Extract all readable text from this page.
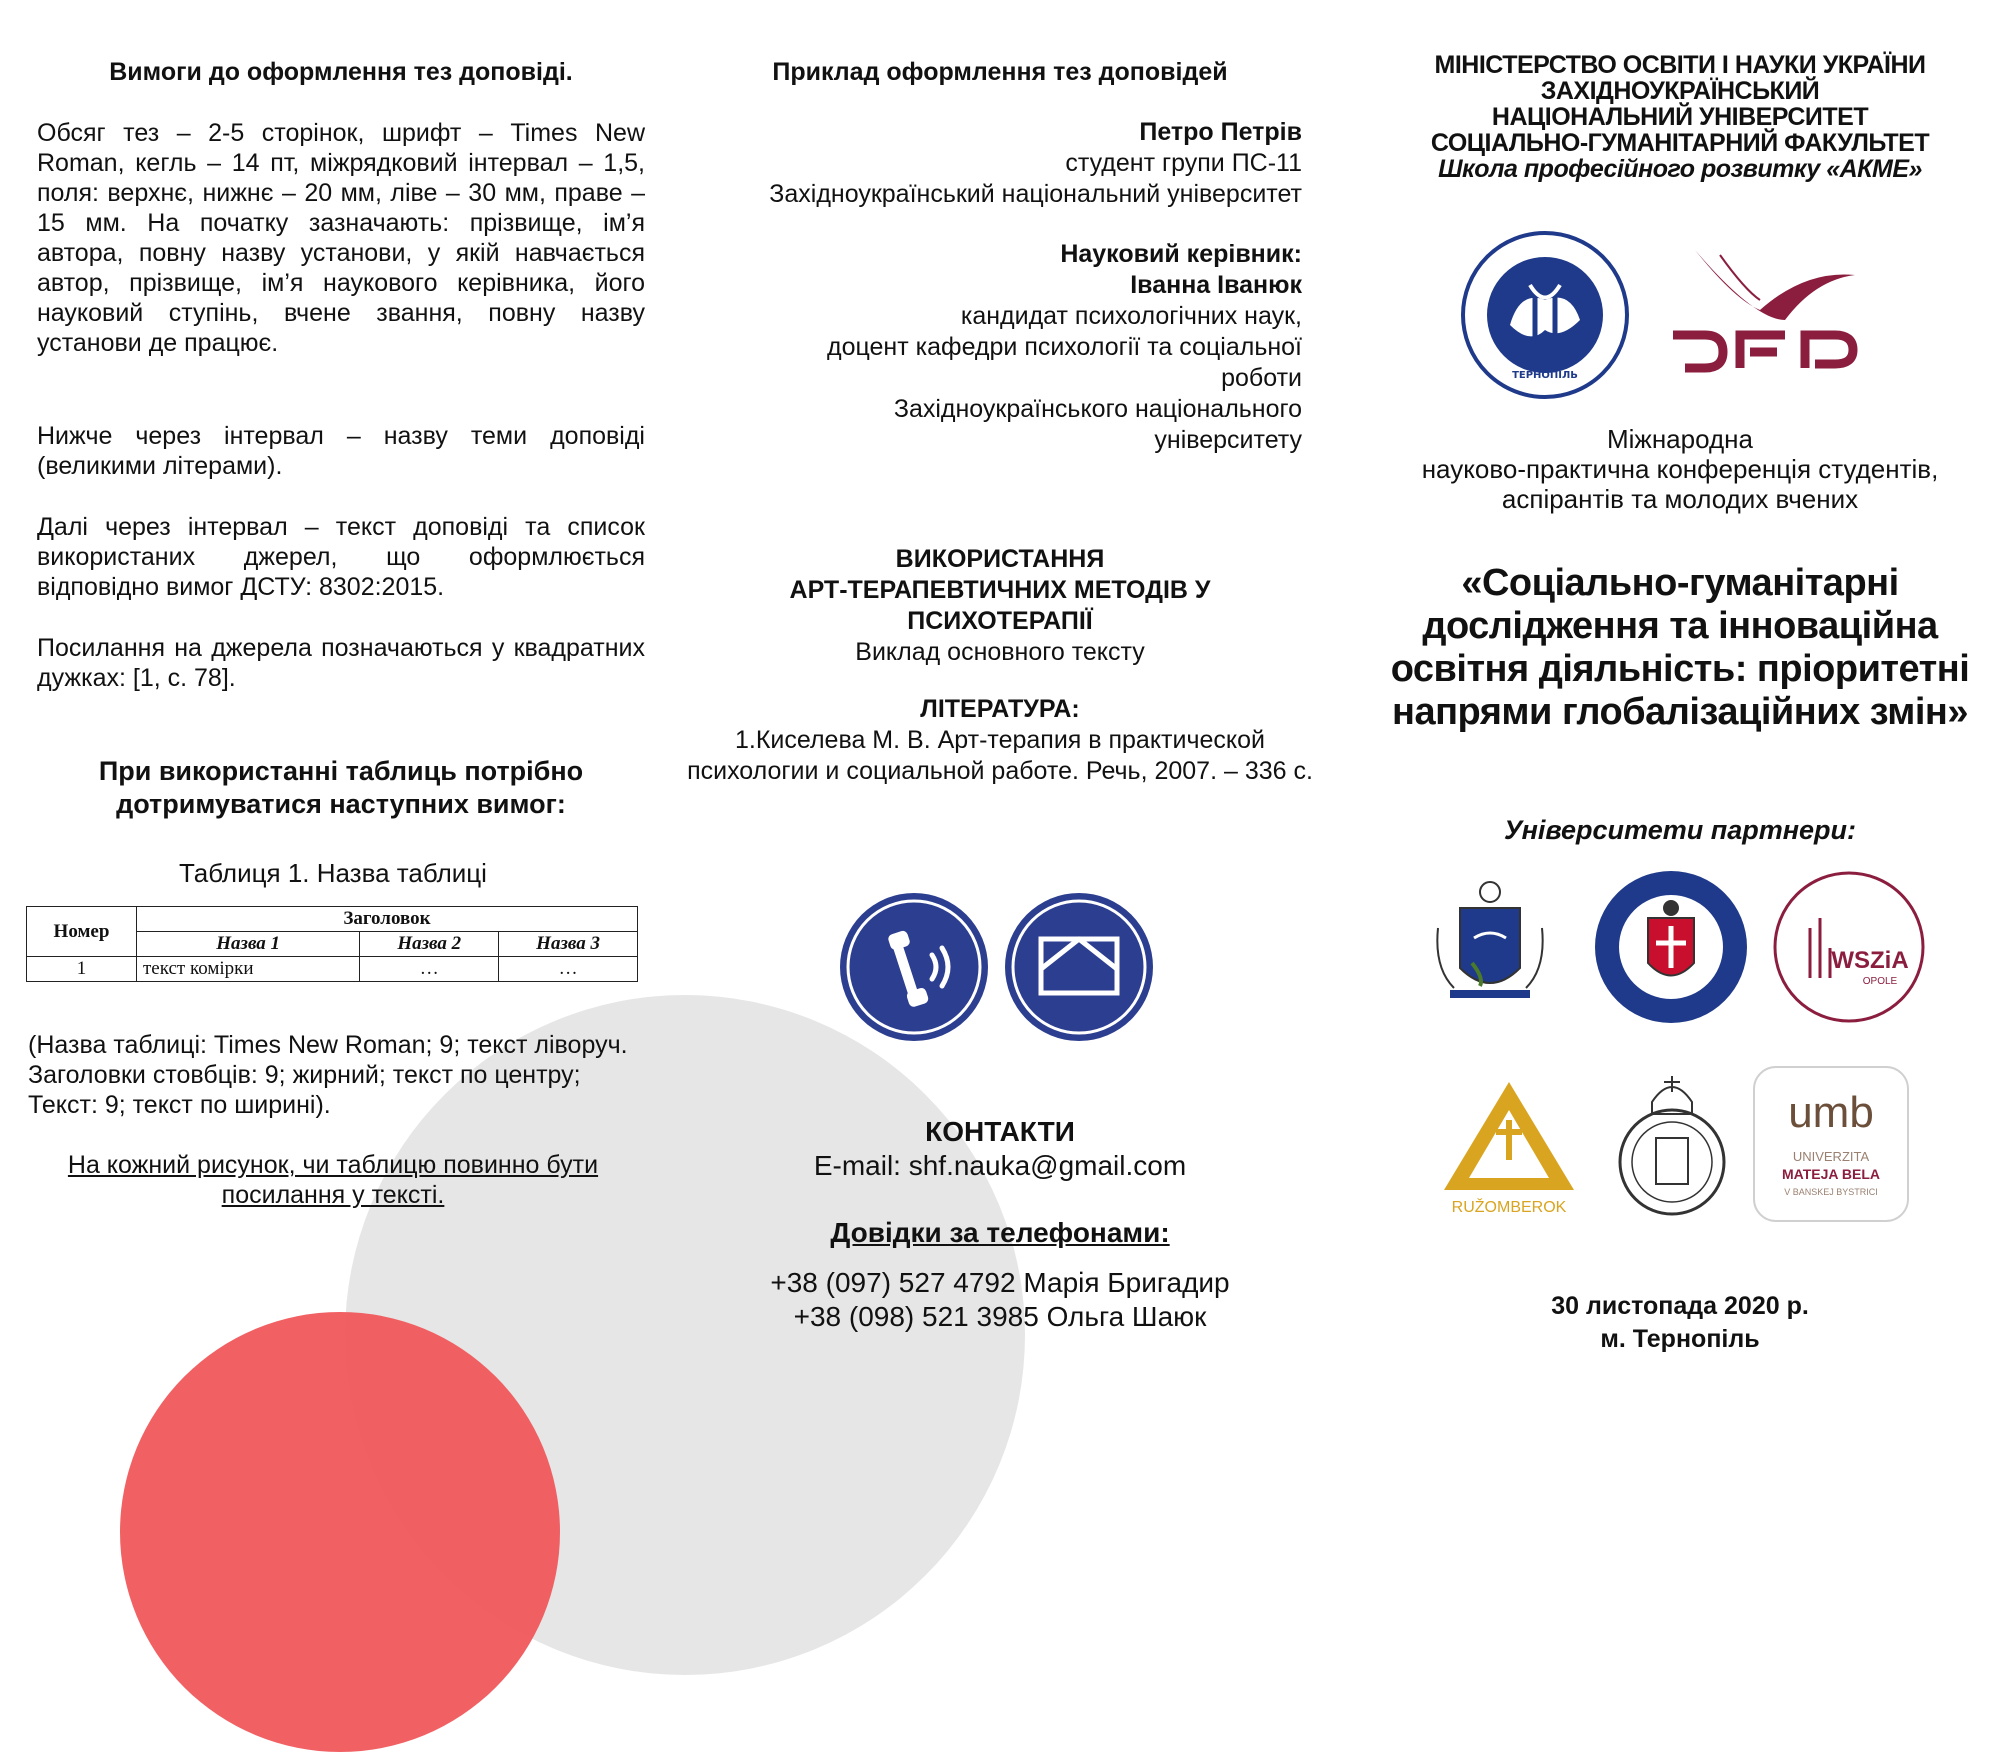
Вимоги до оформлення тез доповіді.

Обсяг тез – 2-5 сторінок, шрифт – Times New Roman, кегль – 14 пт, міжрядковий інтервал – 1,5, поля: верхнє, нижнє – 20 мм, ліве – 30 мм, праве – 15 мм. На початку зазначають: прізвище, ім’я автора, повну назву установи, у якій навчається автор, прізвище, ім’я наукового керівника, його науковий ступінь, вчене звання, повну назву установи де працює.

Нижче через інтервал – назву теми доповіді (великими літерами).

Далі через інтервал – текст доповіді та список використаних джерел, що оформлюється відповідно вимог ДСТУ: 8302:2015.

Посилання на джерела позначаються у квадратних дужках: [1, с. 78].

При використанні таблиць потрібно дотримуватися наступних вимог:
Таблиця 1. Назва таблиці
Номер	Заголовок		
	Назва 1	Назва 2	Назва 3
1	текст комірки	…	…
(Назва таблиці: Times New Roman; 9; текст ліворуч. Заголовки стовбців: 9; жирний; текст по центру; Текст: 9; текст по ширині).
На кожний рисунок, чи таблицю повинно бути посилання у тексті.
Приклад оформлення тез доповідей
Петро Петрів
студент групи ПС-11
Західноукраїнський національний університет
Науковий керівник:
Іванна Іванюк
кандидат психологічних наук,
доцент кафедри психології та соціальної
роботи
Західноукраїнського національного
університету
ВИКОРИСТАННЯ
АРТ-ТЕРАПЕВТИЧНИХ МЕТОДІВ У
ПСИХОТЕРАПІЇ
Виклад основного тексту
ЛІТЕРАТУРА:
1.Киселева М. В. Арт-терапия в практической психологии и социальной работе. Речь, 2007. – 336 с.
КОНТАКТИ
E-mail: shf.nauka@gmail.com
Довідки за телефонами:
+38 (097) 527 4792 Марія Бригадир
+38 (098) 521 3985 Ольга Шаюк
МІНІСТЕРСТВО ОСВІТИ І НАУКИ УКРАЇНИ
ЗАХІДНОУКРАЇНСЬКИЙ
НАЦІОНАЛЬНИЙ УНІВЕРСИТЕТ
СОЦІАЛЬНО-ГУМАНІТАРНИЙ ФАКУЛЬТЕТ
Школа професійного розвитку «АКМЕ»
ТЕРНОПІЛЬ
Міжнародна
науково-практична конференція студентів,
аспірантів та молодих вчених
«Соціально-гуманітарні дослідження та інноваційна освітня діяльність: пріоритетні напрями глобалізаційних змін»
Університети партнери:
WSZiA
OPOLE
RUŽOMBEROK
umb
UNIVERZITA
MATEJA BELA
V BANSKEJ BYSTRICI
30 листопада 2020 р.
м. Тернопіль
